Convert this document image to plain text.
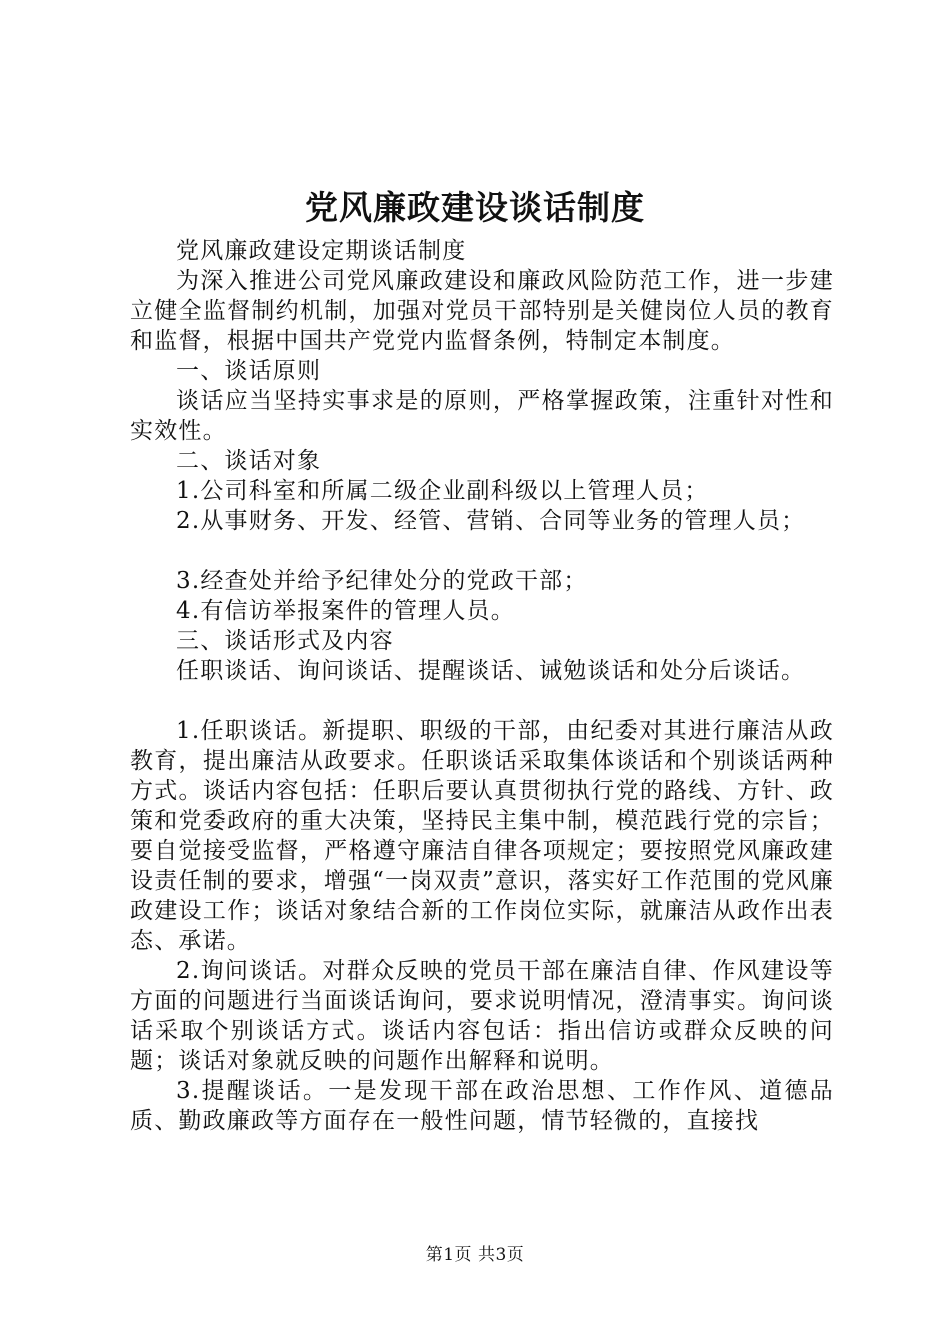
党风廉政建设谈话制度

党风廉政建设定期谈话制度

为深入推进公司党风廉政建设和廉政风险防范工作，进一步建立健全监督制约机制，加强对党员干部特别是关健岗位人员的教育和监督，根据中国共产党党内监督条例，特制定本制度。

一、谈话原则

谈话应当坚持实事求是的原则，严格掌握政策，注重针对性和实效性。

二、谈话对象

1.公司科室和所属二级企业副科级以上管理人员；

2.从事财务、开发、经管、营销、合同等业务的管理人员；

3.经查处并给予纪律处分的党政干部；

4.有信访举报案件的管理人员。

三、谈话形式及内容

任职谈话、询问谈话、提醒谈话、诫勉谈话和处分后谈话。

1.任职谈话。新提职、职级的干部，由纪委对其进行廉洁从政教育，提出廉洁从政要求。任职谈话采取集体谈话和个别谈话两种方式。谈话内容包括：任职后要认真贯彻执行党的路线、方针、政策和党委政府的重大决策，坚持民主集中制，模范践行党的宗旨；要自觉接受监督，严格遵守廉洁自律各项规定；要按照党风廉政建设责任制的要求，增强“一岗双责”意识，落实好工作范围的党风廉政建设工作；谈话对象结合新的工作岗位实际，就廉洁从政作出表态、承诺。

2.询问谈话。对群众反映的党员干部在廉洁自律、作风建设等方面的问题进行当面谈话询问，要求说明情况，澄清事实。询问谈话采取个别谈话方式。谈话内容包话：指出信访或群众反映的问题；谈话对象就反映的问题作出解释和说明。

3.提醒谈话。一是发现干部在政治思想、工作作风、道德品质、勤政廉政等方面存在一般性问题，情节轻微的，直接找

第1页 共3页
